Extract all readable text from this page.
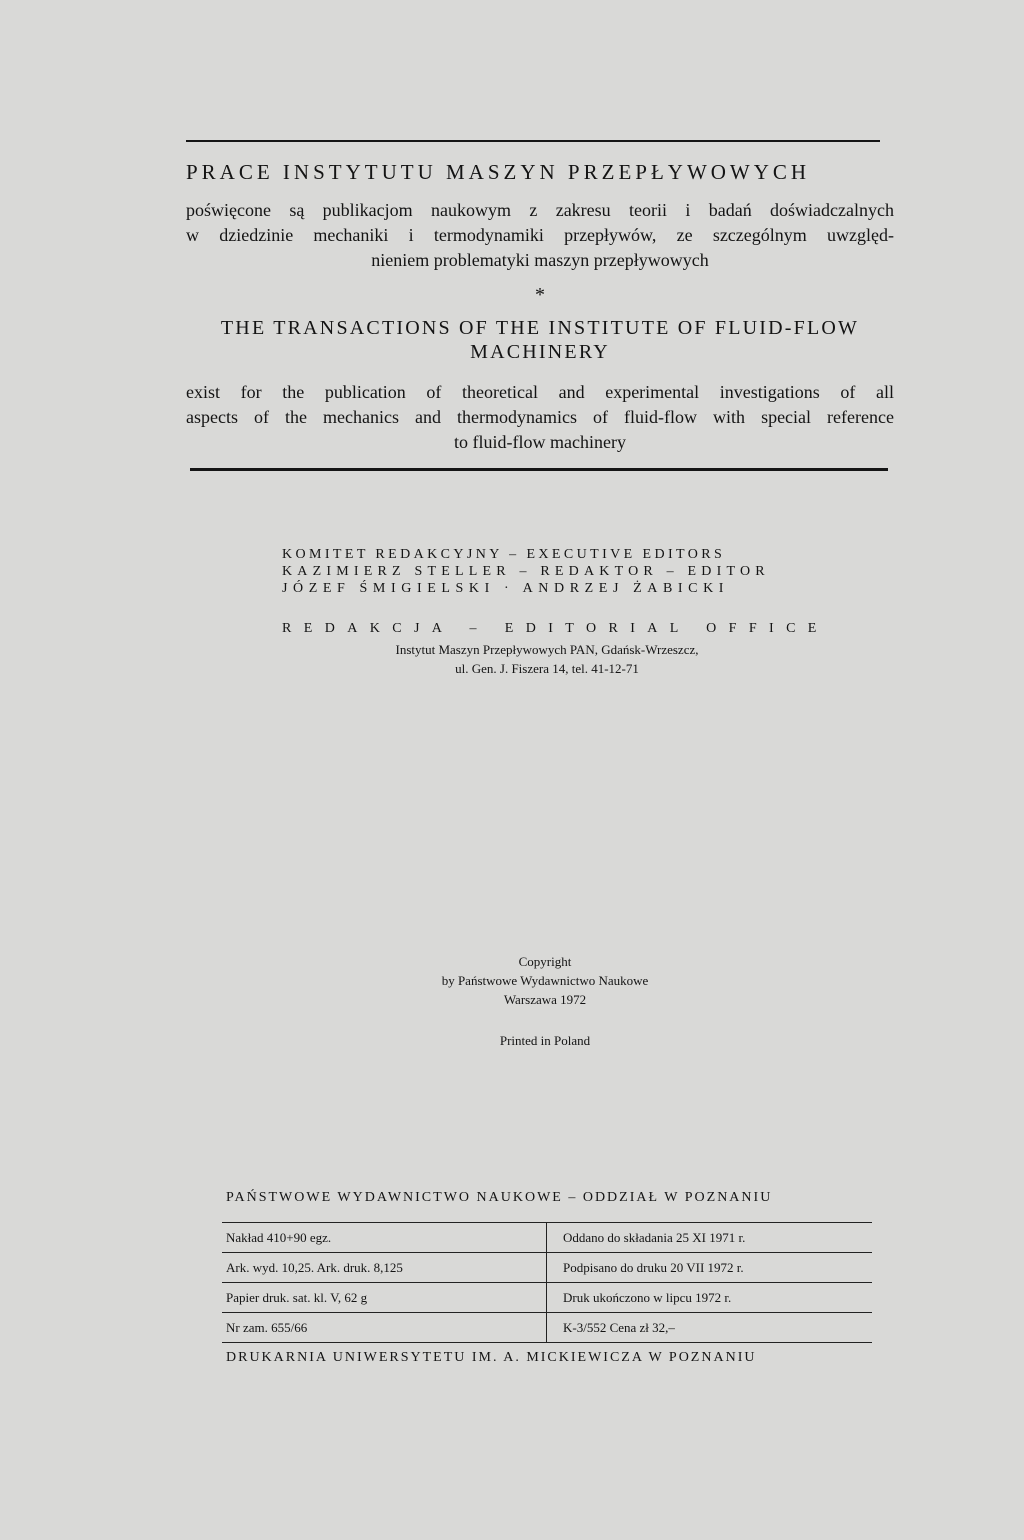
PRACE INSTYTUTU MASZYN PRZEPŁYWOWYCH
poświęcone są publikacjom naukowym z zakresu teorii i badań doświadczalnych
w dziedzinie mechaniki i termodynamiki przepływów, ze szczególnym uwzględ-
nieniem problematyki maszyn przepływowych
*
THE TRANSACTIONS OF THE INSTITUTE OF FLUID-FLOW
MACHINERY
exist for the publication of theoretical and experimental investigations of all
aspects of the mechanics and thermodynamics of fluid-flow with special reference
to fluid-flow machinery
KOMITET REDAKCYJNY – EXECUTIVE EDITORS
KAZIMIERZ STELLER – REDAKTOR – EDITOR
JÓZEF ŚMIGIELSKI · ANDRZEJ ŻABICKI
REDAKCJA – EDITORIAL OFFICE
Instytut Maszyn Przepływowych PAN, Gdańsk-Wrzeszcz,
ul. Gen. J. Fiszera 14, tel. 41-12-71
Copyright
by Państwowe Wydawnictwo Naukowe
Warszawa 1972
Printed in Poland
PAŃSTWOWE WYDAWNICTWO NAUKOWE – ODDZIAŁ W POZNANIU
Nakład 410+90 egz.	Oddano do składania 25 XI 1971 r.
Ark. wyd. 10,25. Ark. druk. 8,125	Podpisano do druku 20 VII 1972 r.
Papier druk. sat. kl. V, 62 g	Druk ukończono w lipcu 1972 r.
Nr zam. 655/66	K-3/552 Cena zł 32,–
DRUKARNIA UNIWERSYTETU IM. A. MICKIEWICZA W POZNANIU
